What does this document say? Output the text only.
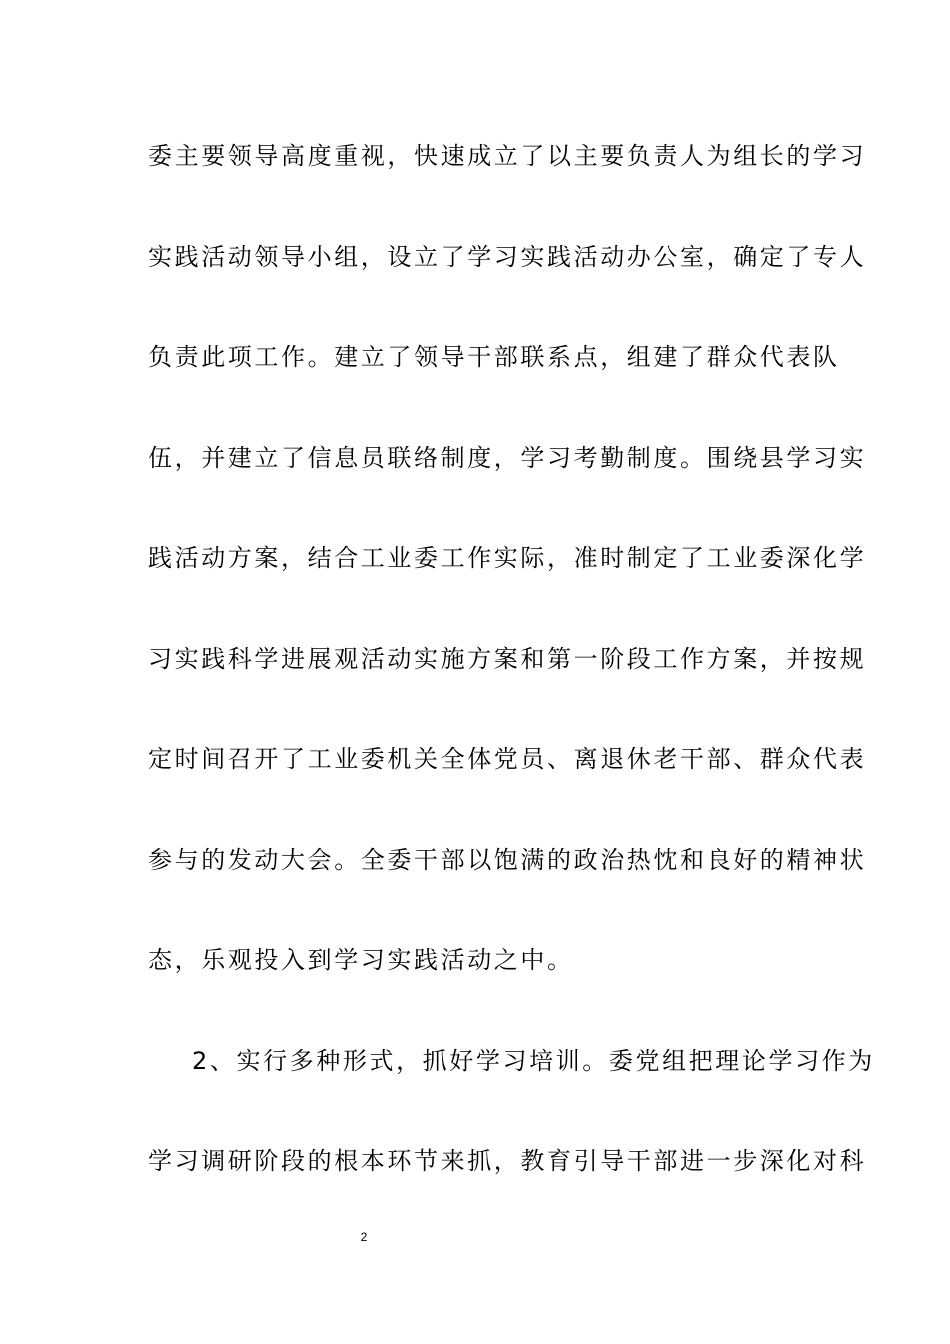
委主要领导高度重视，快速成立了以主要负责人为组长的学习
实践活动领导小组，设立了学习实践活动办公室，确定了专人
负责此项工作。建立了领导干部联系点，组建了群众代表队
伍，并建立了信息员联络制度，学习考勤制度。围绕县学习实
践活动方案，结合工业委工作实际，准时制定了工业委深化学
习实践科学进展观活动实施方案和第一阶段工作方案，并按规
定时间召开了工业委机关全体党员、离退休老干部、群众代表
参与的发动大会。全委干部以饱满的政治热忱和良好的精神状
态，乐观投入到学习实践活动之中。
2、实行多种形式，抓好学习培训。委党组把理论学习作为
学习调研阶段的根本环节来抓，教育引导干部进一步深化对科
2
